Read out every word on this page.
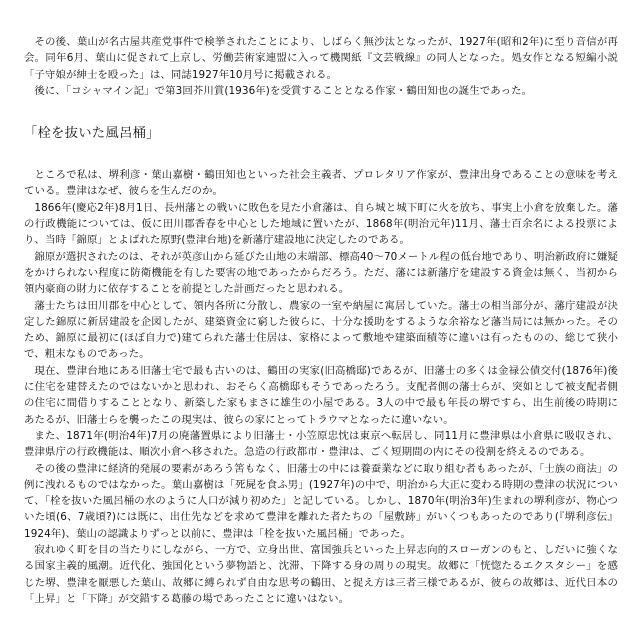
その後、葉山が名古屋共産党事件で検挙されたことにより、しばらく無沙汰となったが、1927年(昭和2年)に至り音信が再会。同年6月、葉山に促されて上京し、労働芸術家連盟に入って機関紙『文芸戦線』の同人となった。処女作となる短編小説「子守娘が紳士を殴った」は、同誌1927年10月号に掲載される。

後に、「コシャマイン記」で第3回芥川賞(1936年)を受賞することとなる作家・鶴田知也の誕生であった。

「栓を抜いた風呂桶」

ところで私は、堺利彦・葉山嘉樹・鶴田知也といった社会主義者、プロレタリア作家が、豊津出身であることの意味を考えている。豊津はなぜ、彼らを生んだのか。

1866年(慶応2年)8月1日、長州藩との戦いに敗色を見た小倉藩は、自ら城と城下町に火を放ち、事実上小倉を放棄した。藩の行政機能については、仮に田川郡香春を中心とした地域に置いたが、1868年(明治元年)11月、藩士百余名による投票により、当時「錦原」とよばれた原野(豊津台地)を新藩庁建設地に決定したのである。

錦原が選択されたのは、それが英彦山から延びた山地の末端部、標高40〜70メートル程の低台地であり、明治新政府に嫌疑をかけられない程度に防衛機能を有した要害の地であったからだろう。ただ、藩には新藩庁を建設する資金は無く、当初から領内豪商の財力に依存することを前提とした計画だったと思われる。

藩士たちは田川郡を中心として、領内各所に分散し、農家の一室や納屋に寓居していた。藩士の相当部分が、藩庁建設が決定した錦原に新居建設を企図したが、建築資金に窮した彼らに、十分な援助をするような余裕など藩当局には無かった。そのため、錦原に最初に(ほぼ自力で)建てられた藩士住居は、家格によって敷地や建築面積等に違いは有ったものの、総じて狭小で、粗末なものであった。

現在、豊津台地にある旧藩士宅で最も古いのは、鶴田の実家(旧高橋邸)であるが、旧藩士の多くは金禄公債交付(1876年)後に住宅を建替えたのではないかと思われ、おそらく高橋邸もそうであったろう。支配者側の藩士らが、突如として被支配者側の住宅に間借りすることとなり、新築した家もまさに雄生の小屋である。3人の中で最も年長の堺ですら、出生前後の時期にあたるが、旧藩士らを襲ったこの現実は、彼らの家にとってトラウマとなったに違いない。

また、1871年(明治4年)7月の廃藩置県により旧藩士・小笠原忠忱は東京へ転居し、同11月に豊津県は小倉県に吸収され、豊津県庁の行政機能は、順次小倉へ移された。急造の行政都市・豊津は、ごく短期間の内にその役割を終えるのである。

その後の豊津に経済的発展の要素があろう筈もなく、旧藩士の中には養蚕業などに取り組む者もあったが、「士族の商法」の例に洩れるものではなかった。葉山嘉樹は「死屍を食ふ男」(1927年)の中で、明治から大正に変わる時期の豊津の状況について、「栓を抜いた風呂桶の水のように人口が減り初めた」と記している。しかし、1870年(明治3年)生まれの堺利彦が、物心ついた頃(6、7歳頃?)には既に、出仕先などを求めて豊津を離れた者たちの「屋敷跡」がいくつもあったのであり(『堺利彦伝』1924年)、葉山の認識よりずっと以前に、豊津は「栓を抜いた風呂桶」であった。

寂れゆく町を目の当たりにしながら、一方で、立身出世、富国強兵といった上昇志向的スローガンのもと、しだいに強くなる国家主義的風潮。近代化、強国化という夢物語と、沈滞、下降する身の周りの現実。故郷に「恍惚たるエクスタシー」を感じた堺、豊津を厭悪した葉山、故郷に縛られず自由な思考の鶴田、と捉え方は三者三様であるが、彼らの故郷は、近代日本の「上昇」と「下降」が交錯する葛藤の場であったことに違いはない。
